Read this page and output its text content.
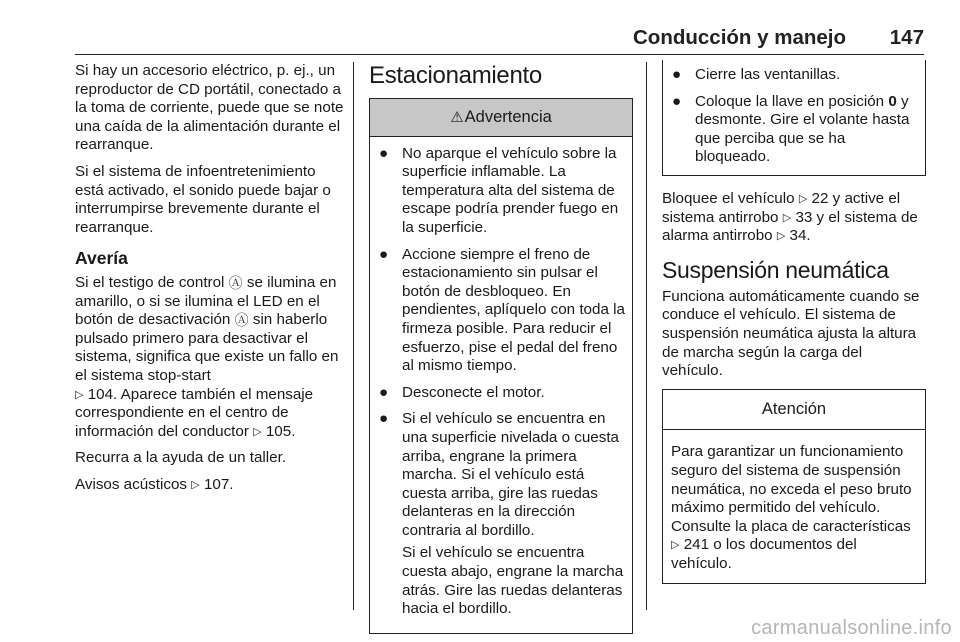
Conducción y manejo 147

Si hay un accesorio eléctrico, p. ej., un reproductor de CD portátil, conectado a la toma de corriente, puede que se note una caída de la alimentación durante el rearranque.

Si el sistema de infoentretenimiento está activado, el sonido puede bajar o interrumpirse brevemente durante el rearranque.

Avería

Si el testigo de control Ⓐ se ilumina en amarillo, o si se ilumina el LED en el botón de desactivación Ⓐ sin haberlo pulsado primero para desactivar el sistema, significa que existe un fallo en el sistema stop-start
▷ 104. Aparece también el mensaje correspondiente en el centro de información del conductor ▷ 105.

Recurra a la ayuda de un taller.

Avisos acústicos ▷ 107.

Estacionamiento
⚠Advertencia
● No aparque el vehículo sobre la superficie inflamable. La temperatura alta del sistema de escape podría prender fuego en la superficie.
● Accione siempre el freno de estacionamiento sin pulsar el botón de desbloqueo. En pendientes, aplíquelo con toda la firmeza posible. Para reducir el esfuerzo, pise el pedal del freno al mismo tiempo.
● Desconecte el motor.
● Si el vehículo se encuentra en una superficie nivelada o cuesta arriba, engrane la primera marcha. Si el vehículo está cuesta arriba, gire las ruedas delanteras en la dirección contraria al bordillo.

Si el vehículo se encuentra cuesta abajo, engrane la marcha atrás. Gire las ruedas delanteras hacia el bordillo.

● Cierre las ventanillas.
● Coloque la llave en posición 0 y desmonte. Gire el volante hasta que perciba que se ha bloqueado.

Bloquee el vehículo ▷ 22 y active el sistema antirrobo ▷ 33 y el sistema de alarma antirrobo ▷ 34.

Suspensión neumática

Funciona automáticamente cuando se conduce el vehículo. El sistema de suspensión neumática ajusta la altura de marcha según la carga del vehículo.

Atención
Para garantizar un funcionamiento seguro del sistema de suspensión neumática, no exceda el peso bruto máximo permitido del vehículo. Consulte la placa de características ▷ 241 o los documentos del vehículo.
carmanualsonline.info
